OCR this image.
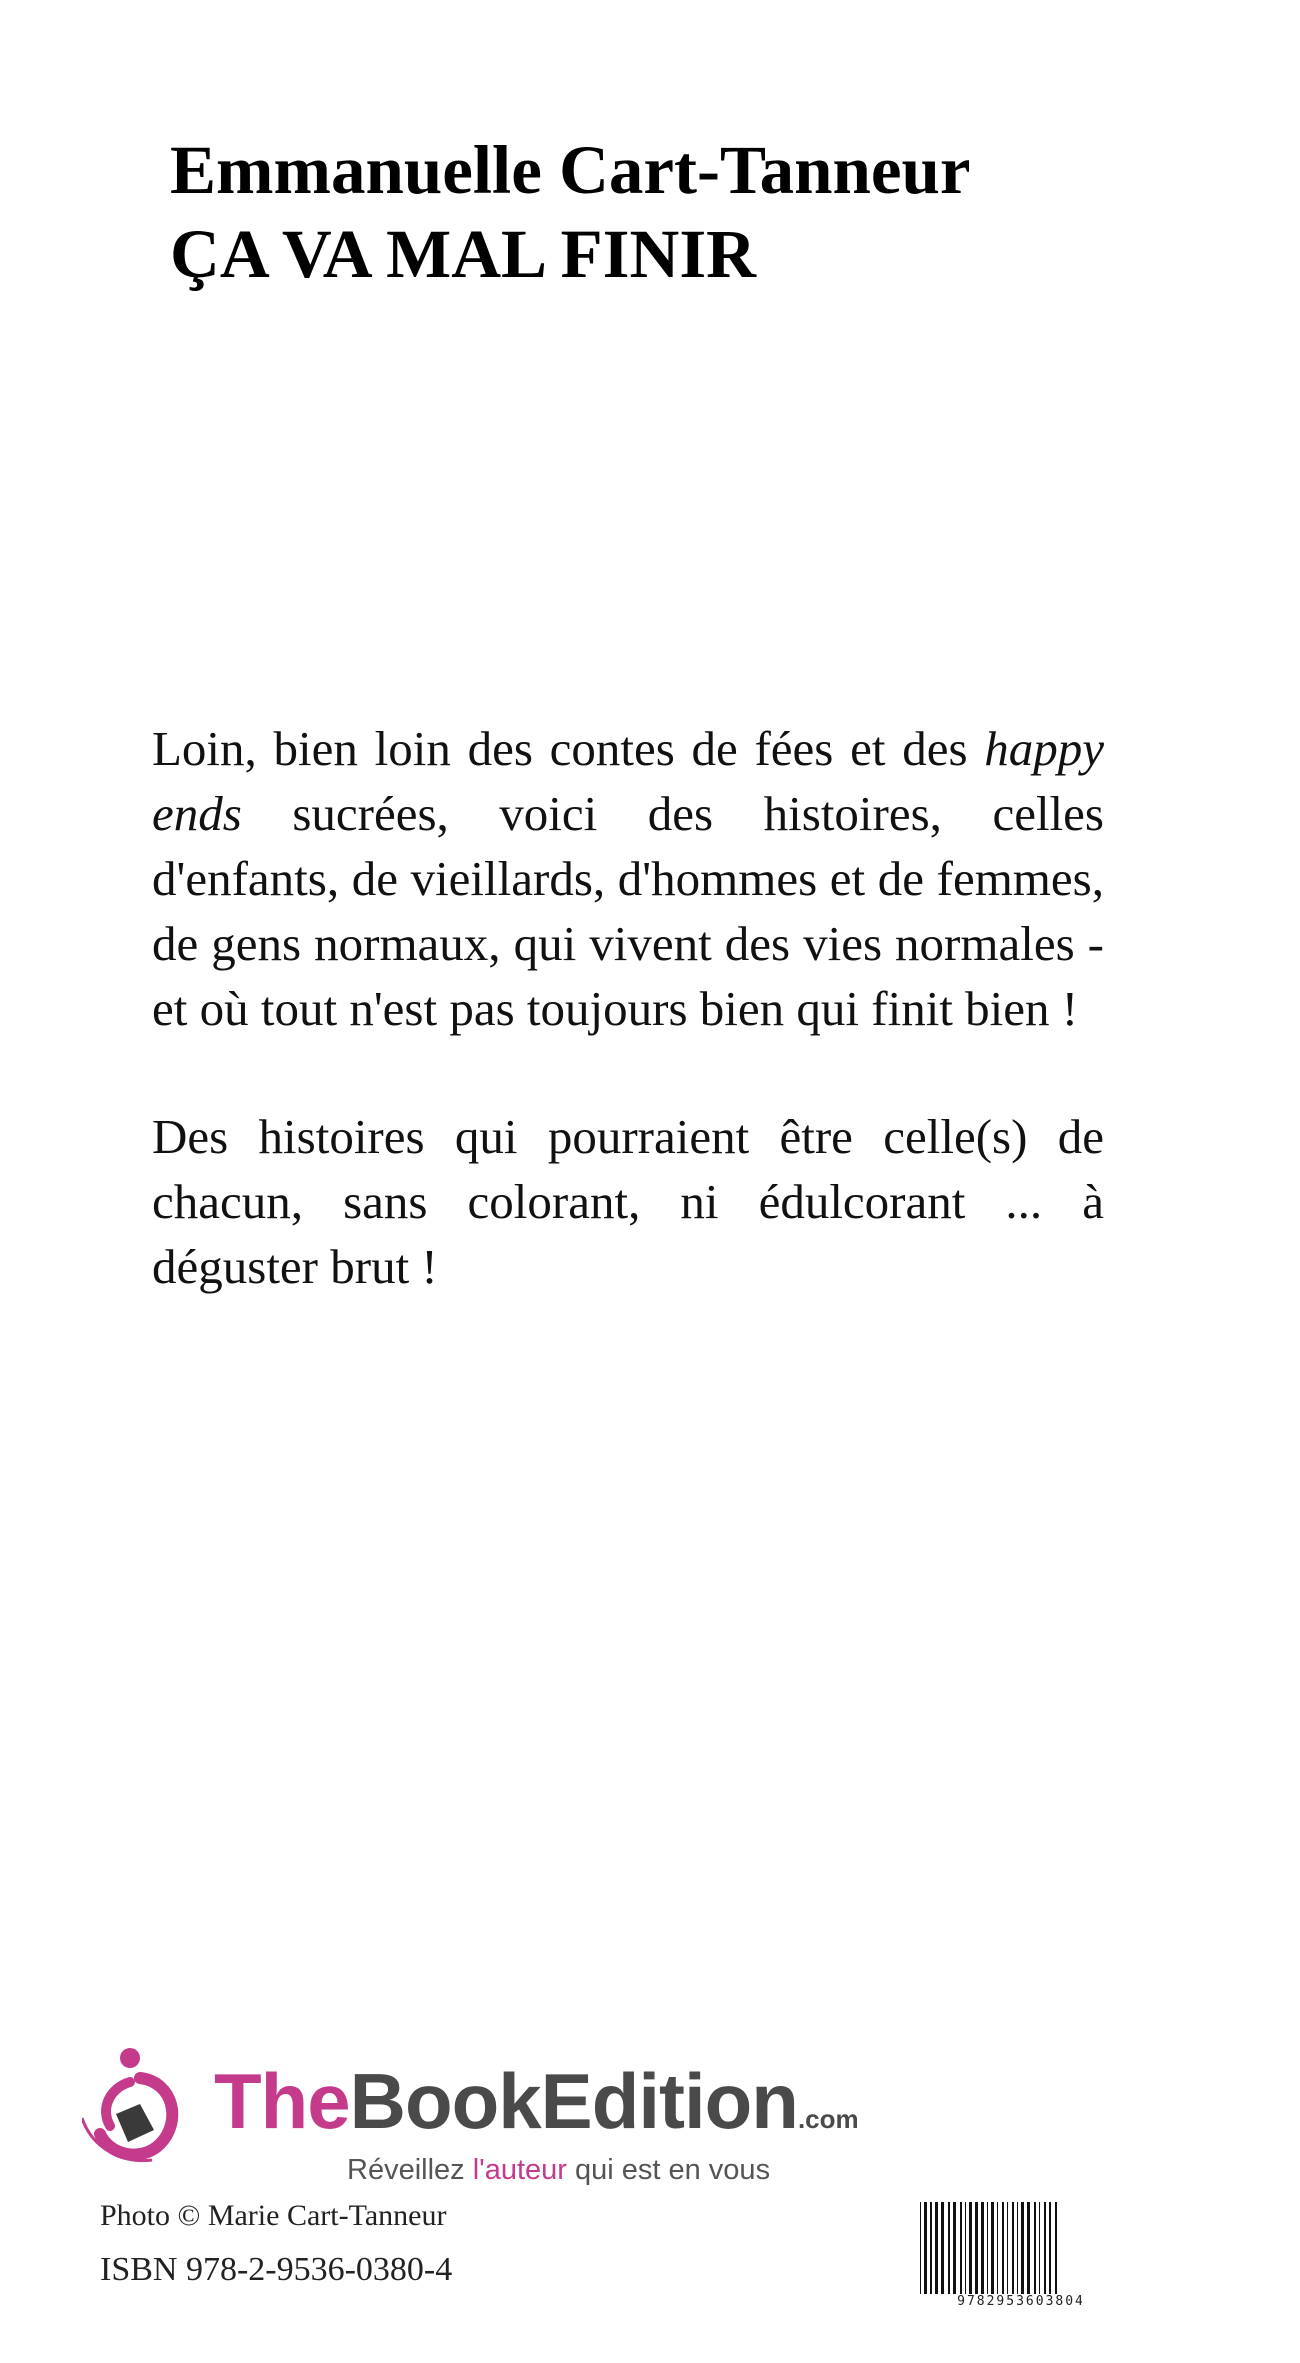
Emmanuelle Cart-Tanneur
ÇA VA MAL FINIR

Loin, bien loin des contes de fées et des happy ends sucrées, voici des histoires, celles d'enfants, de vieillards, d'hommes et de femmes, de gens normaux, qui vivent des vies normales - et où tout n'est pas toujours bien qui finit bien !

Des histoires qui pourraient être celle(s) de chacun, sans colorant, ni édulcorant ... à déguster brut !

TheBookEdition.com
Réveillez l'auteur qui est en vous
Photo © Marie Cart-Tanneur
ISBN 978-2-9536-0380-4
9782953603804
